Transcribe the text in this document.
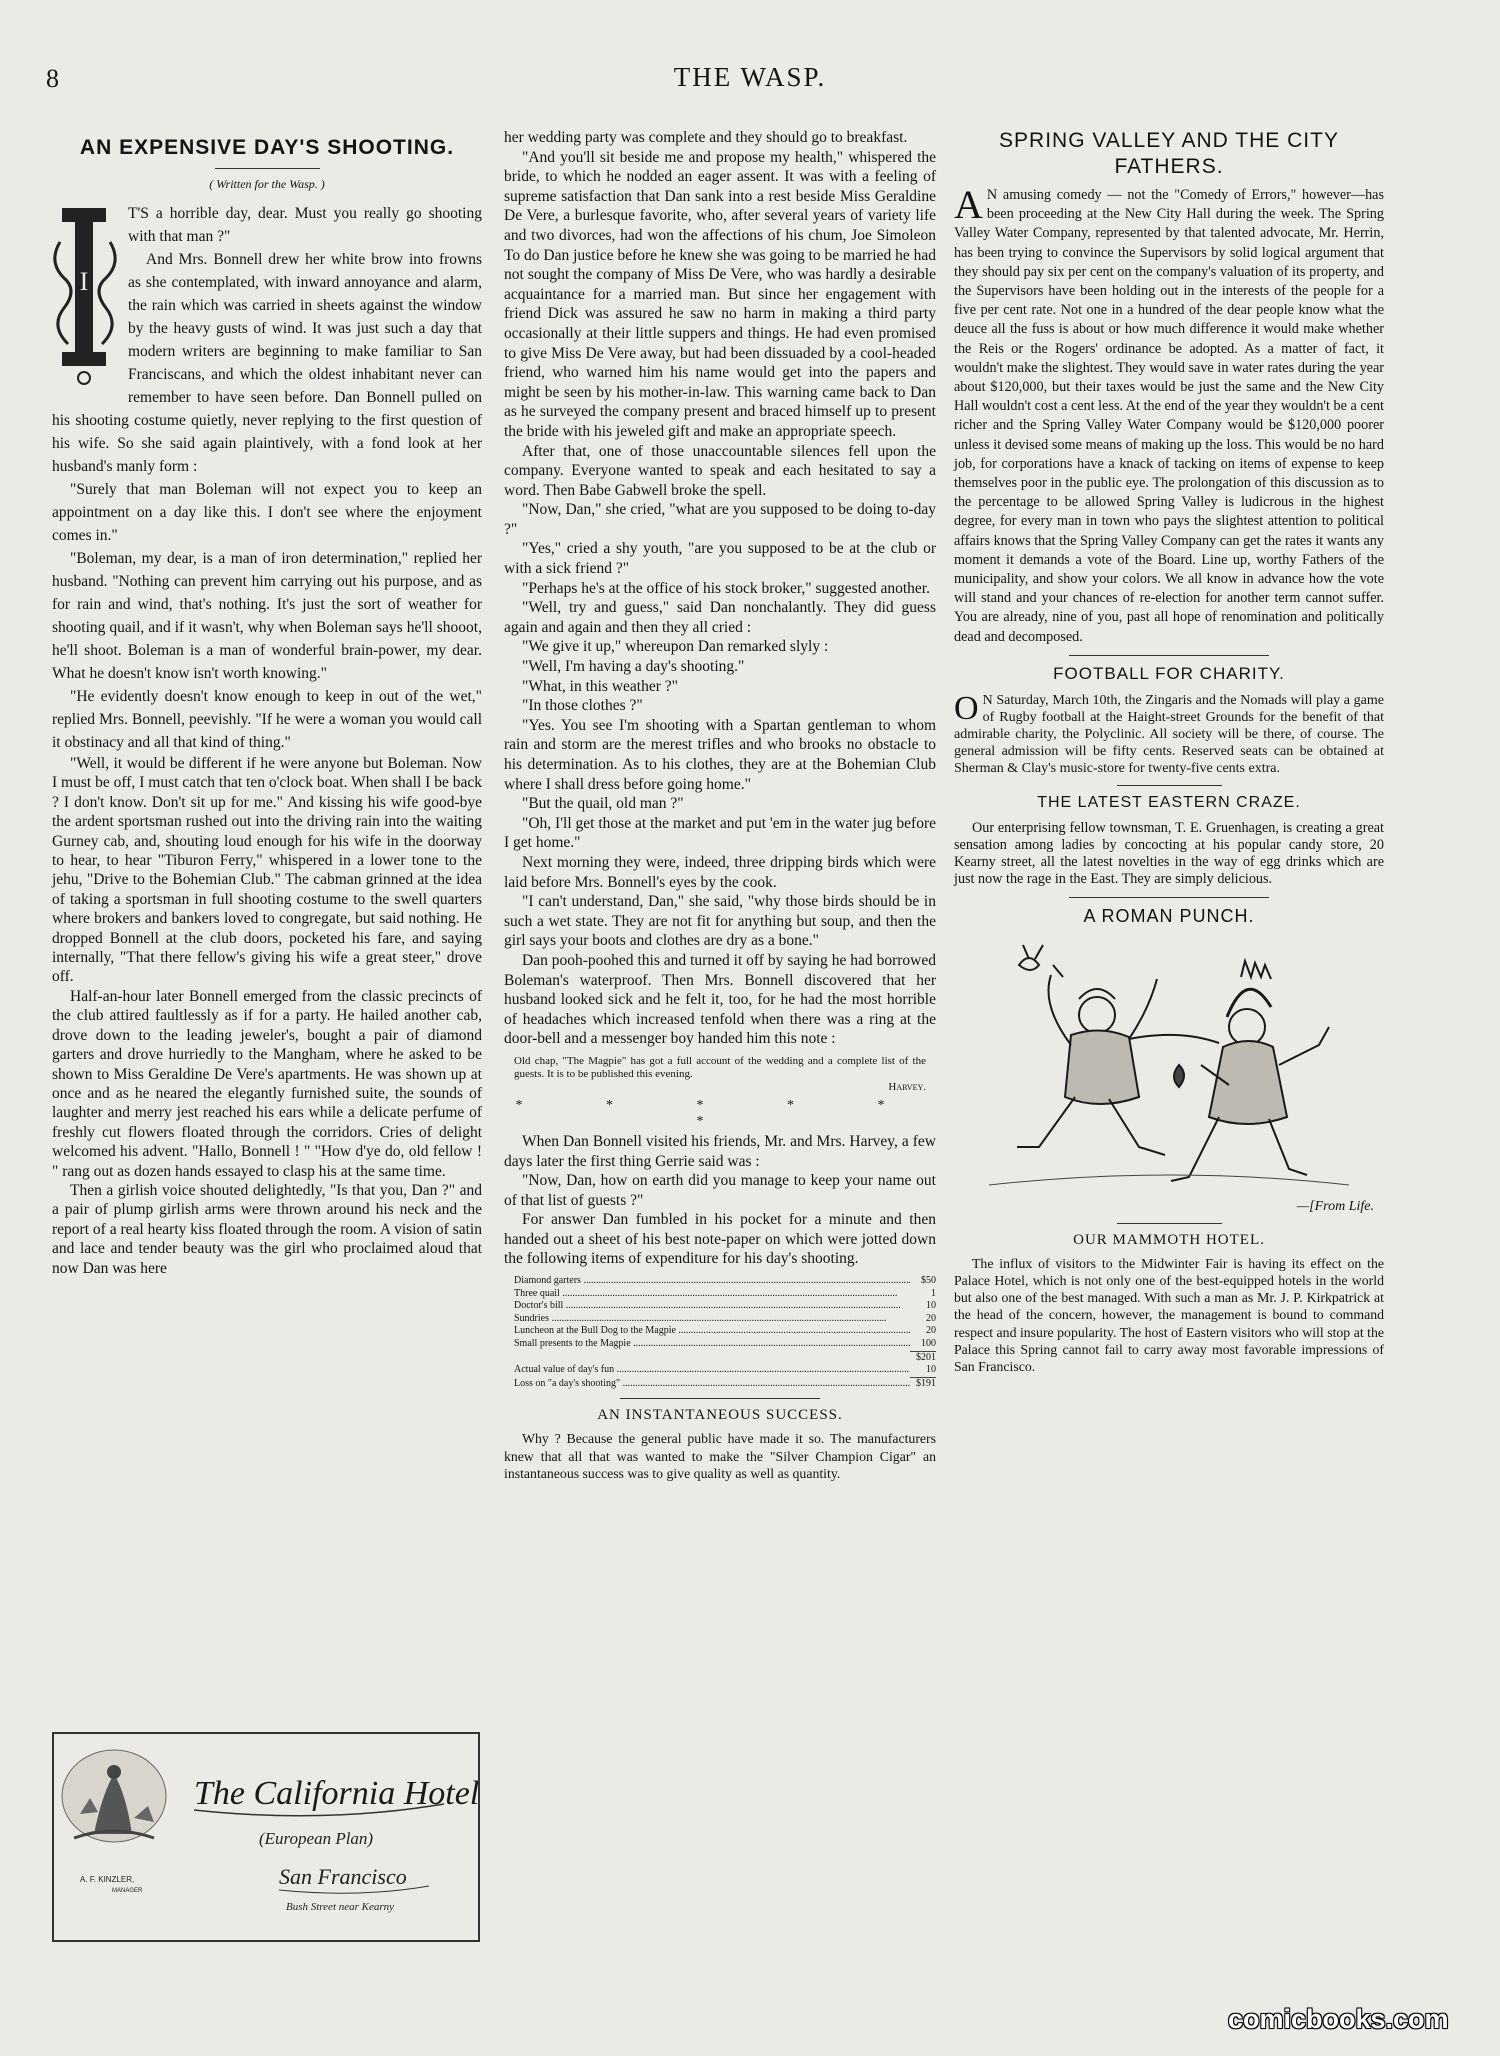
8	THE WASP.
AN EXPENSIVE DAY'S SHOOTING.
( Written for the Wasp. )
I

T'S a horrible day, dear. Must you really go shooting with that man ?"

And Mrs. Bonnell drew her white brow into frowns as she contemplated, with inward annoyance and alarm, the rain which was carried in sheets against the window by the heavy gusts of wind. It was just such a day that modern writers are beginning to make familiar to San Franciscans, and which the oldest inhabitant never can remember to have seen before. Dan Bonnell pulled on his shooting costume quietly, never replying to the first question of his wife. So she said again plaintively, with a fond look at her husband's manly form :

"Surely that man Boleman will not expect you to keep an appointment on a day like this. I don't see where the enjoyment comes in."

"Boleman, my dear, is a man of iron determination," replied her husband. "Nothing can prevent him carrying out his purpose, and as for rain and wind, that's nothing. It's just the sort of weather for shooting quail, and if it wasn't, why when Boleman says he'll shooot, he'll shoot. Boleman is a man of wonderful brain-power, my dear. What he doesn't know isn't worth knowing."

"He evidently doesn't know enough to keep in out of the wet," replied Mrs. Bonnell, peevishly. "If he were a woman you would call it obstinacy and all that kind of thing."

"Well, it would be different if he were anyone but Boleman. Now I must be off, I must catch that ten o'clock boat. When shall I be back ? I don't know. Don't sit up for me." And kissing his wife good-bye the ardent sportsman rushed out into the driving rain into the waiting Gurney cab, and, shouting loud enough for his wife in the doorway to hear, to hear "Tiburon Ferry," whispered in a lower tone to the jehu, "Drive to the Bohemian Club." The cabman grinned at the idea of taking a sportsman in full shooting costume to the swell quarters where brokers and bankers loved to congregate, but said nothing. He dropped Bonnell at the club doors, pocketed his fare, and saying internally, "That there fellow's giving his wife a great steer," drove off.

Half-an-hour later Bonnell emerged from the classic precincts of the club attired faultlessly as if for a party. He hailed another cab, drove down to the leading jeweler's, bought a pair of diamond garters and drove hurriedly to the Mangham, where he asked to be shown to Miss Geraldine De Vere's apartments. He was shown up at once and as he neared the elegantly furnished suite, the sounds of laughter and merry jest reached his ears while a delicate perfume of freshly cut flowers floated through the corridors. Cries of delight welcomed his advent. "Hallo, Bonnell ! " "How d'ye do, old fellow ! " rang out as dozen hands essayed to clasp his at the same time.

Then a girlish voice shouted delightedly, "Is that you, Dan ?" and a pair of plump girlish arms were thrown around his neck and the report of a real hearty kiss floated through the room. A vision of satin and lace and tender beauty was the girl who proclaimed aloud that now Dan was here

The California Hotel
(European Plan)
San Francisco
Bush Street near Kearny
A. F. KINZLER,
MANAGER

her wedding party was complete and they should go to breakfast.

"And you'll sit beside me and propose my health," whispered the bride, to which he nodded an eager assent. It was with a feeling of supreme satisfaction that Dan sank into a rest beside Miss Geraldine De Vere, a burlesque favorite, who, after several years of variety life and two divorces, had won the affections of his chum, Joe Simoleon To do Dan justice before he knew she was going to be married he had not sought the company of Miss De Vere, who was hardly a desirable acquaintance for a married man. But since her engagement with friend Dick was assured he saw no harm in making a third party occasionally at their little suppers and things. He had even promised to give Miss De Vere away, but had been dissuaded by a cool-headed friend, who warned him his name would get into the papers and might be seen by his mother-in-law. This warning came back to Dan as he surveyed the company present and braced himself up to present the bride with his jeweled gift and make an appropriate speech.

After that, one of those unaccountable silences fell upon the company. Everyone wanted to speak and each hesitated to say a word. Then Babe Gabwell broke the spell.

"Now, Dan," she cried, "what are you supposed to be doing to-day ?"

"Yes," cried a shy youth, "are you supposed to be at the club or with a sick friend ?"

"Perhaps he's at the office of his stock broker," suggested another.

"Well, try and guess," said Dan nonchalantly. They did guess again and again and then they all cried :

"We give it up," whereupon Dan remarked slyly :

"Well, I'm having a day's shooting."

"What, in this weather ?"

"In those clothes ?"

"Yes. You see I'm shooting with a Spartan gentleman to whom rain and storm are the merest trifles and who brooks no obstacle to his determination. As to his clothes, they are at the Bohemian Club where I shall dress before going home."

"But the quail, old man ?"

"Oh, I'll get those at the market and put 'em in the water jug before I get home."

Next morning they were, indeed, three dripping birds which were laid before Mrs. Bonnell's eyes by the cook.

"I can't understand, Dan," she said, "why those birds should be in such a wet state. They are not fit for anything but soup, and then the girl says your boots and clothes are dry as a bone."

Dan pooh-poohed this and turned it off by saying he had borrowed Boleman's waterproof. Then Mrs. Bonnell discovered that her husband looked sick and he felt it, too, for he had the most horrible of headaches which increased tenfold when there was a ring at the door-bell and a messenger boy handed him this note :

Old chap, "The Magpie" has got a full account of the wedding and a complete list of the guests. It is to be published this evening.
Harvey.
* * * * * *

When Dan Bonnell visited his friends, Mr. and Mrs. Harvey, a few days later the first thing Gerrie said was :

"Now, Dan, how on earth did you manage to keep your name out of that list of guests ?"

For answer Dan fumbled in his pocket for a minute and then handed out a sheet of his best note-paper on which were jotted down the following items of expenditure for his day's shooting.

Diamond garters .....	$50
Three quail .....	1
Doctor's bill .....	10
Sundries .....	20
Luncheon at the Bull Dog to the Magpie .....	20
Small presents to the Magpie .....	100
$201
Actual value of day's fun .....	10
Loss on "a day's shooting" .....	$191
AN INSTANTANEOUS SUCCESS.

Why ? Because the general public have made it so. The manufacturers knew that all that was wanted to make the "Silver Champion Cigar" an instantaneous success was to give quality as well as quantity.

SPRING VALLEY AND THE CITY FATHERS.
A N amusing comedy — not the "Comedy of Errors," however—has been proceeding at the New City Hall during the week. The Spring Valley Water Company, represented by that talented advocate, Mr. Herrin, has been trying to convince the Supervisors by solid logical argument that they should pay six per cent on the company's valuation of its property, and the Supervisors have been holding out in the interests of the people for a five per cent rate. Not one in a hundred of the dear people know what the deuce all the fuss is about or how much difference it would make whether the Reis or the Rogers' ordinance be adopted. As a matter of fact, it wouldn't make the slightest. They would save in water rates during the year about $120,000, but their taxes would be just the same and the New City Hall wouldn't cost a cent less. At the end of the year they wouldn't be a cent richer and the Spring Valley Water Company would be $120,000 poorer unless it devised some means of making up the loss. This would be no hard job, for corporations have a knack of tacking on items of expense to keep themselves poor in the public eye. The prolongation of this discussion as to the percentage to be allowed Spring Valley is ludicrous in the highest degree, for every man in town who pays the slightest attention to political affairs knows that the Spring Valley Company can get the rates it wants any moment it demands a vote of the Board. Line up, worthy Fathers of the municipality, and show your colors. We all know in advance how the vote will stand and your chances of re-election for another term cannot suffer. You are already, nine of you, past all hope of renomination and politically dead and decomposed.

FOOTBALL FOR CHARITY.
O N Saturday, March 10th, the Zingaris and the Nomads will play a game of Rugby football at the Haight-street Grounds for the benefit of that admirable charity, the Polyclinic. All society will be there, of course. The general admission will be fifty cents. Reserved seats can be obtained at Sherman & Clay's music-store for twenty-five cents extra.

THE LATEST EASTERN CRAZE.

Our enterprising fellow townsman, T. E. Gruenhagen, is creating a great sensation among ladies by concocting at his popular candy store, 20 Kearny street, all the latest novelties in the way of egg drinks which are just now the rage in the East. They are simply delicious.

A ROMAN PUNCH.
—[From Life.
OUR MAMMOTH HOTEL.

The influx of visitors to the Midwinter Fair is having its effect on the Palace Hotel, which is not only one of the best-equipped hotels in the world but also one of the best managed. With such a man as Mr. J. P. Kirkpatrick at the head of the concern, however, the management is bound to command respect and insure popularity. The host of Eastern visitors who will stop at the Palace this Spring cannot fail to carry away most favorable impressions of San Francisco.

comicbooks.com
